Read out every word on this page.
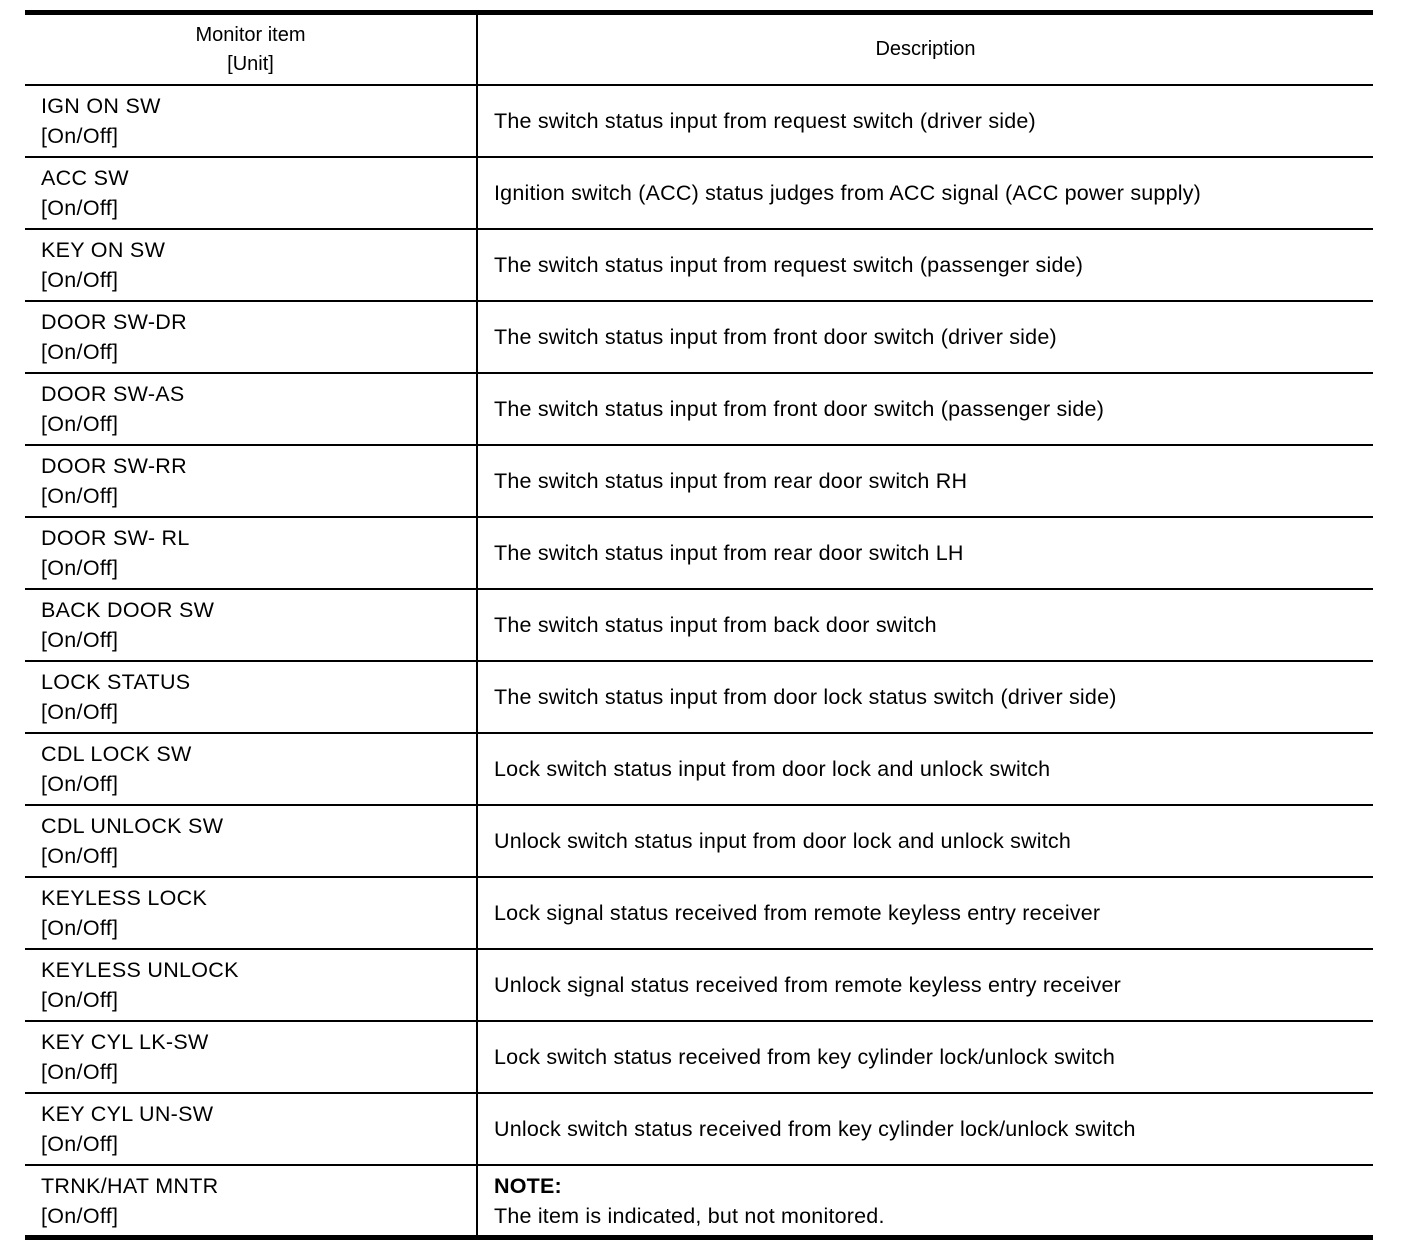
Monitor item
[Unit]	Description

IGN ON SW
[On/Off]	The switch status input from request switch (driver side)

ACC SW
[On/Off]	Ignition switch (ACC) status judges from ACC signal (ACC power supply)

KEY ON SW
[On/Off]	The switch status input from request switch (passenger side)

DOOR SW-DR
[On/Off]	The switch status input from front door switch (driver side)

DOOR SW-AS
[On/Off]	The switch status input from front door switch (passenger side)

DOOR SW-RR
[On/Off]	The switch status input from rear door switch RH

DOOR SW- RL
[On/Off]	The switch status input from rear door switch LH

BACK DOOR SW
[On/Off]	The switch status input from back door switch

LOCK STATUS
[On/Off]	The switch status input from door lock status switch (driver side)

CDL LOCK SW
[On/Off]	Lock switch status input from door lock and unlock switch

CDL UNLOCK SW
[On/Off]	Unlock switch status input from door lock and unlock switch

KEYLESS LOCK
[On/Off]	Lock signal status received from remote keyless entry receiver

KEYLESS UNLOCK
[On/Off]	Unlock signal status received from remote keyless entry receiver

KEY CYL LK-SW
[On/Off]	Lock switch status received from key cylinder lock/unlock switch

KEY CYL UN-SW
[On/Off]	Unlock switch status received from key cylinder lock/unlock switch

TRNK/HAT MNTR
[On/Off]	NOTE:
The item is indicated, but not monitored.
